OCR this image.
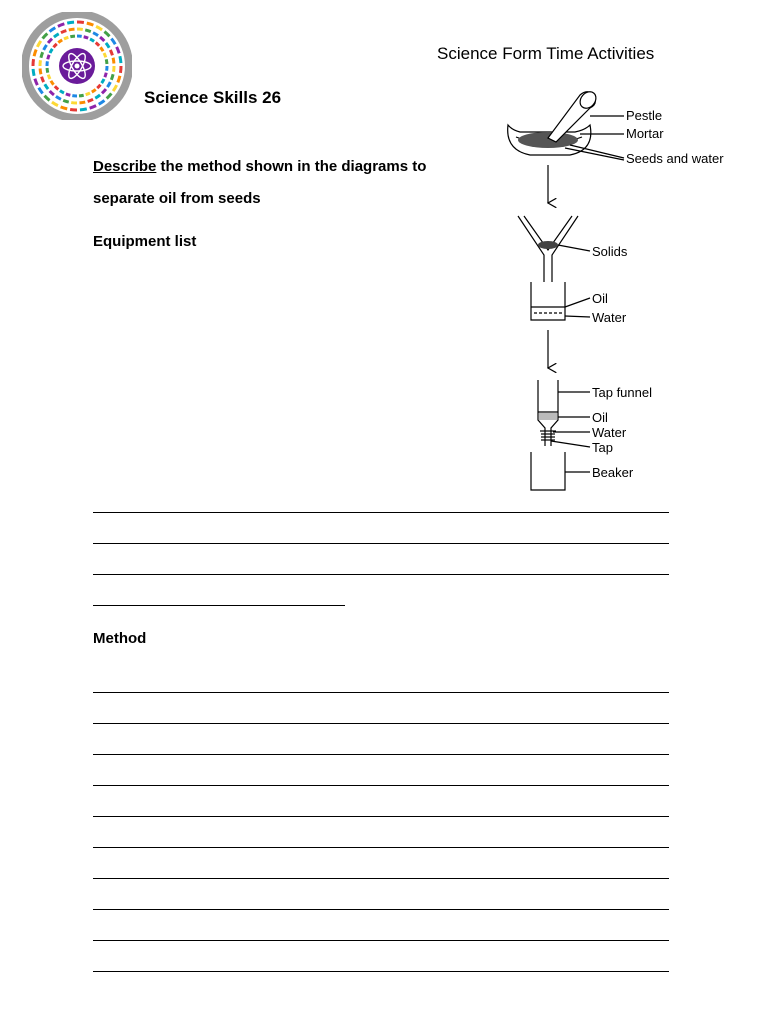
Science Form Time Activities
Science Skills 26
Describe the method shown in the diagrams to
separate oil from seeds
Equipment list
Method
Pestle
Mortar
Seeds and water
Solids
Oil
Water
Tap funnel
Oil
Water
Tap
Beaker
